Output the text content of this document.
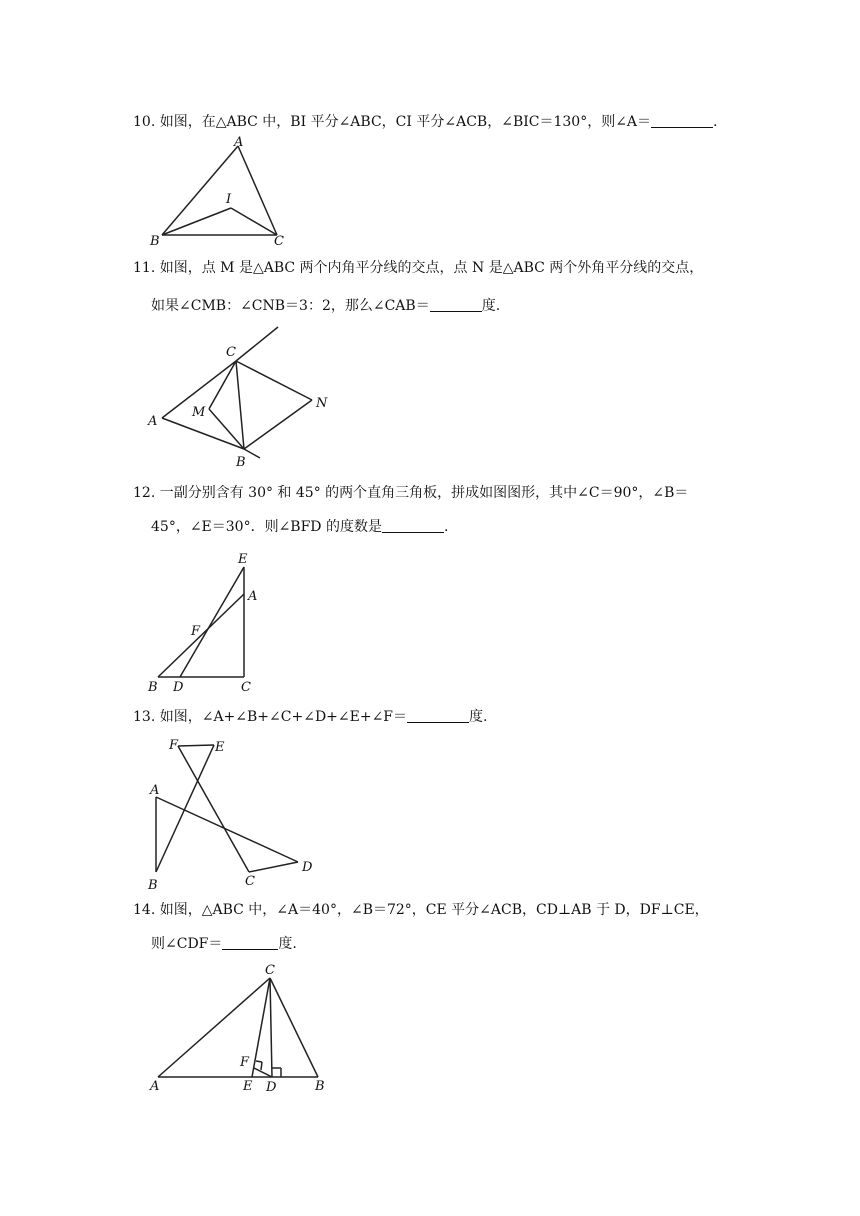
10. 如图，在△ABC 中，BI 平分∠ABC，CI 平分∠ACB，∠BIC＝130°，则∠A＝	.
A
I
B	C
11. 如图，点 M 是△ABC 两个内角平分线的交点，点 N 是△ABC 两个外角平分线的交点，
如果∠CMB：∠CNB＝3：2，那么∠CAB＝	度.
C
N
M
A
B
12. 一副分别含有 30° 和 45° 的两个直角三角板，拼成如图图形，其中∠C＝90°，∠B＝
45°，∠E＝30°．则∠BFD 的度数是	.
E
A
F
B D	C
13. 如图，∠A+∠B+∠C+∠D+∠E+∠F＝	度.
F	E
A
B	C
D
14. 如图，△ABC 中，∠A＝40°，∠B＝72°，CE 平分∠ACB，CD⊥AB 于 D，DF⊥CE，
则∠CDF＝	度.
C
F
A	E D	B
